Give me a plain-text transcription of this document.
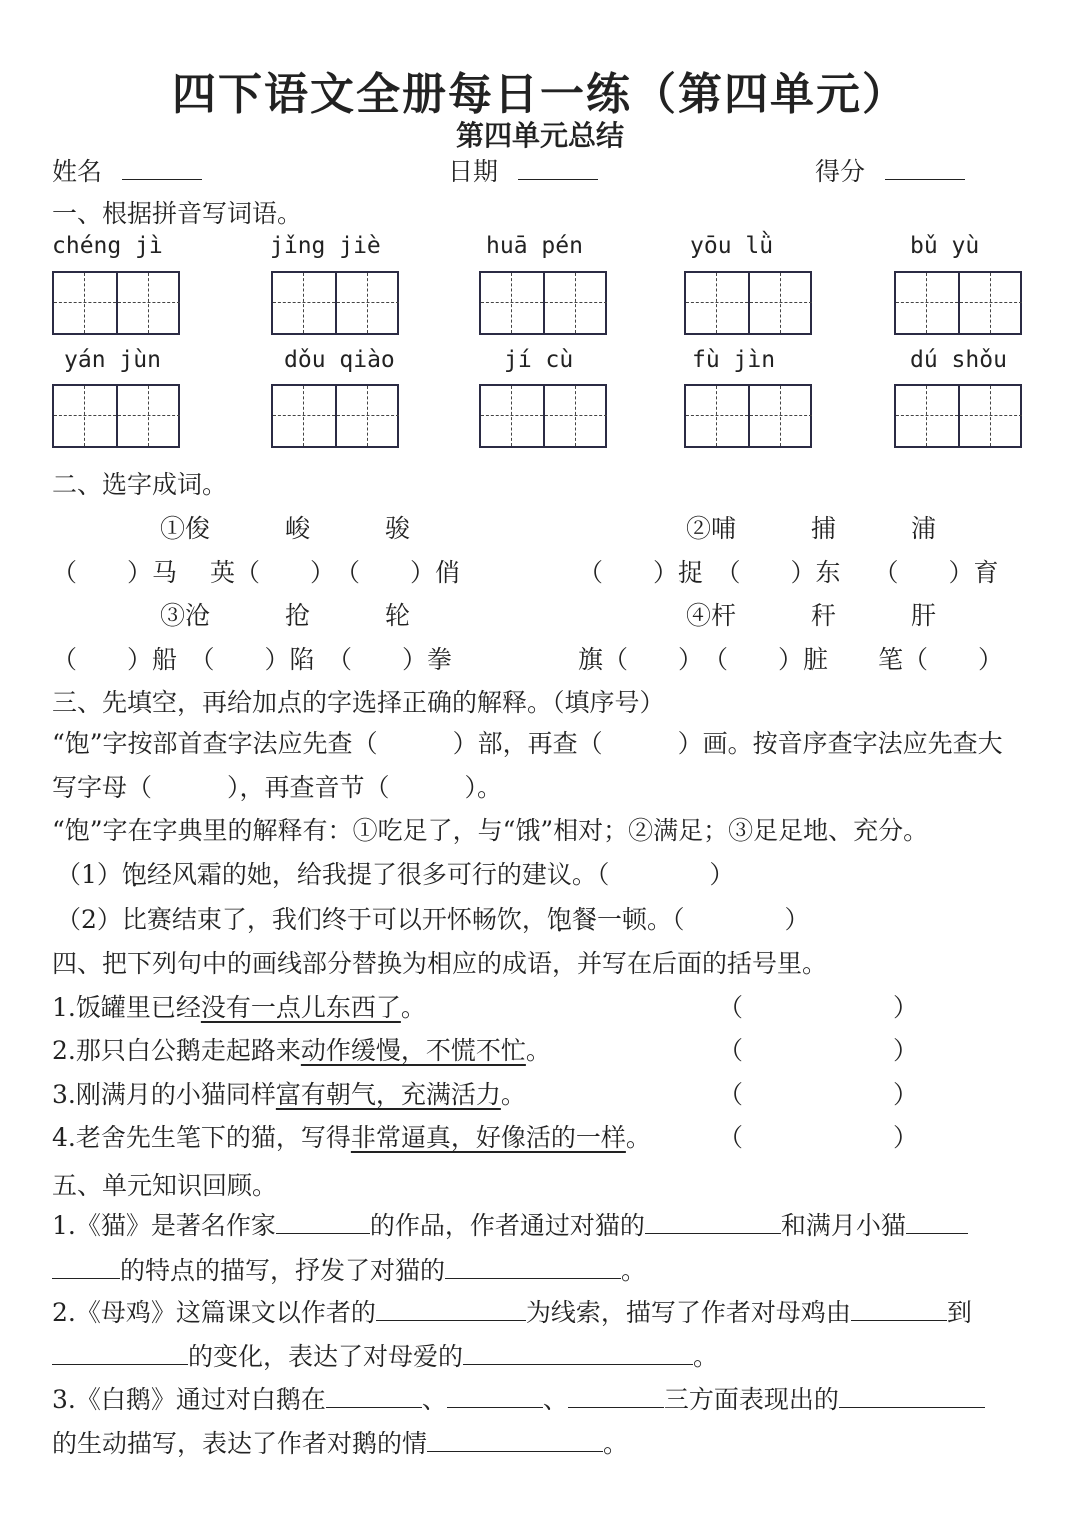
四下语文全册每日一练（第四单元）
第四单元总结
姓名	日期	得分
一、根据拼音写词语。
chéng jì	jǐng jiè	huā pén	yōu lǜ	bǔ yù
yán jùn	dǒu qiào	jí cù	fù jìn	dú shǒu
二、选字成词。
①俊　　　峻　　　骏	②哺　　　捕　　　浦
（　　）马　 英（　　）　（　　）俏	（　　）捉　（　　）东　 （　　）育
③沧　　　抢　　　轮	④杆　　　秆　　　肝
（　　）船　（　　）陷　（　　）拳	旗（　　）　（　　）脏　　笔（　　）
三、先填空，再给加点的字选择正确的解释。（填序号）
“饱”字按部首查字法应先查（　　　）部，再查（　　　）画。按音序查字法应先查大
写字母（　　　），再查音节（　　　）。
“饱”字在字典里的解释有：①吃足了，与“饿”相对；②满足；③足足地、充分。
（1）饱经风霜的她，给我提了很多可行的建议。（　　　　）
（2）比赛结束了，我们终于可以开怀畅饮，饱餐一顿。（　　　　）
四、把下列句中的画线部分替换为相应的成语，并写在后面的括号里。
1.饭罐里已经没有一点儿东西了。	（　　　　　　）
2.那只白公鹅走起路来动作缓慢，不慌不忙。	（　　　　　　）
3.刚满月的小猫同样富有朝气，充满活力。	（　　　　　　）
4.老舍先生笔下的猫，写得非常逼真，好像活的一样。	（　　　　　　）
五、单元知识回顾。
1.《猫》是著名作家	的作品，作者通过对猫的	和满月小猫
的特点的描写，抒发了对猫的	。
2.《母鸡》这篇课文以作者的	为线索，描写了作者对母鸡由	到
的变化，表达了对母爱的	。
3.《白鹅》通过对白鹅在	、	、	三方面表现出的
的生动描写，表达了作者对鹅的情	。
